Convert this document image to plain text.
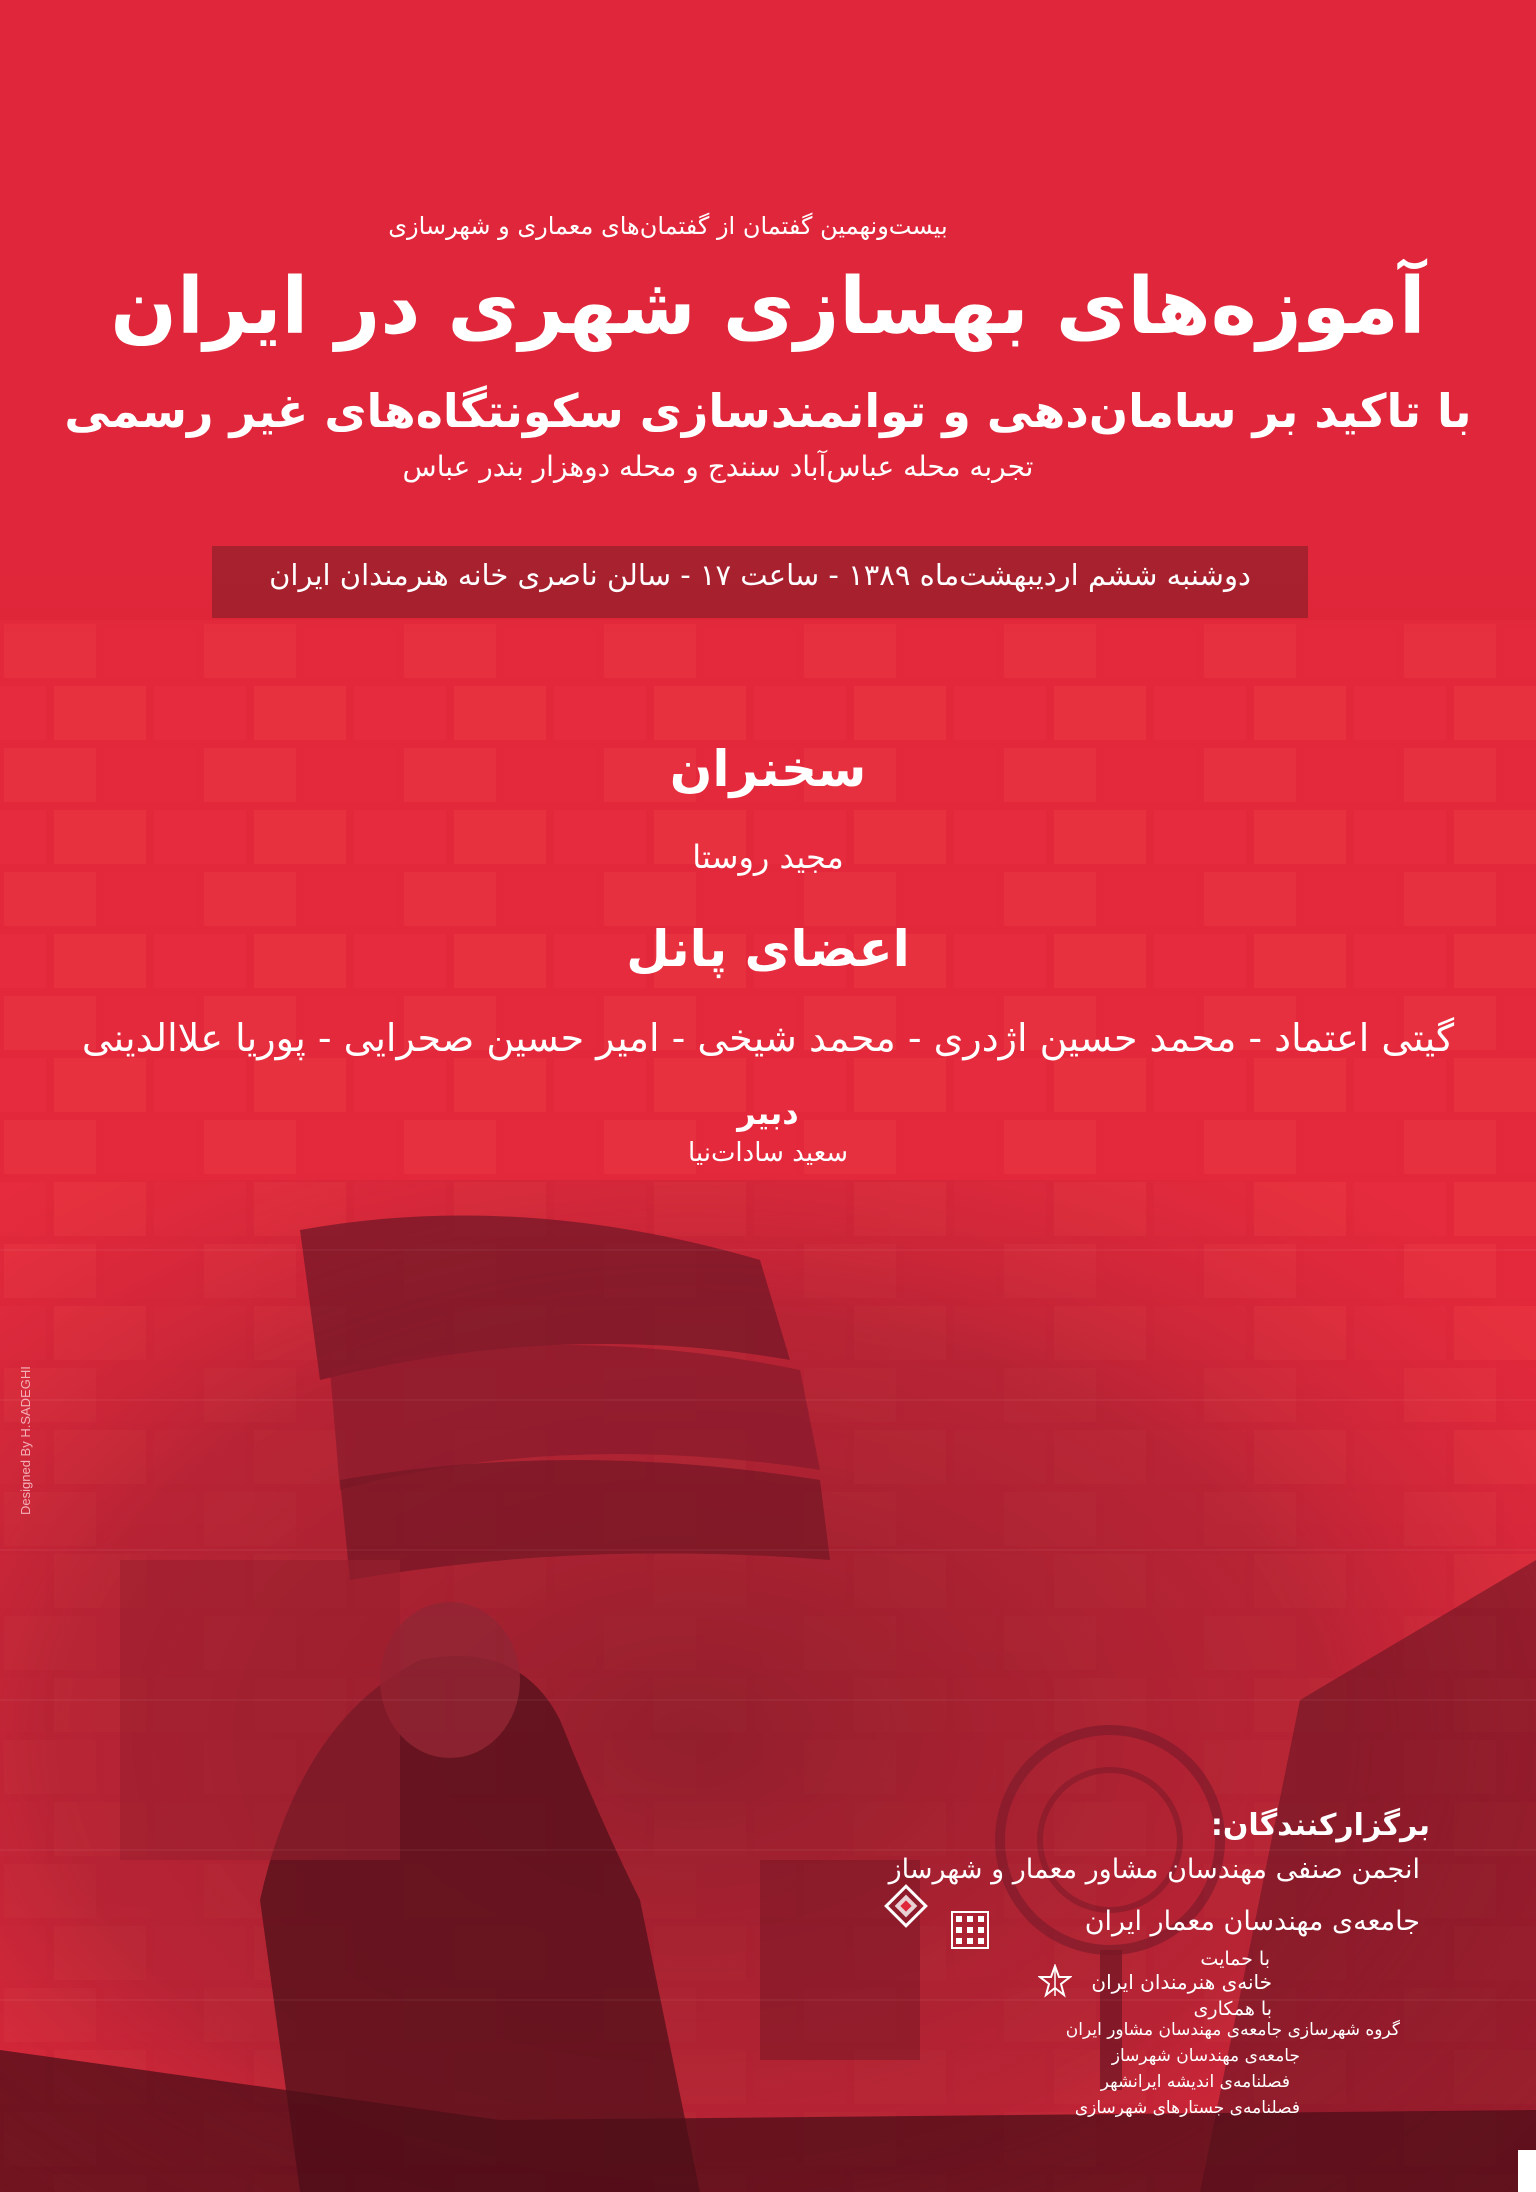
بیست‌ونهمین گفتمان از گفتمان‌های معماری و شهرسازی
آموزه‌های بهسازی شهری در ایران
با تاکید بر سامان‌دهی و توانمندسازی سکونتگاه‌های غیر رسمی
تجربه محله عباس‌آباد سنندج و محله دوهزار بندر عباس
دوشنبه ششم اردیبهشت‌ماه ۱۳۸۹ - ساعت ۱۷ - سالن ناصری خانه هنرمندان ایران
سخنران
مجید روستا
اعضای پانل
گیتی اعتماد - محمد حسین اژدری - محمد شیخی - امیر حسین صحرایی - پوریا علاالدینی
دبیر
سعید سادات‌نیا
Designed By H.SADEGHI
برگزارکنندگان:
انجمن صنفی مهندسان مشاور معمار و شهرساز
جامعه‌ی مهندسان معمار ایران
با حمایت
خانه‌ی هنرمندان ایران
با همکاری
گروه شهرسازی جامعه‌ی مهندسان مشاور ایران
جامعه‌ی مهندسان شهرساز
فصلنامه‌ی اندیشه ایرانشهر
فصلنامه‌ی جستارهای شهرسازی
